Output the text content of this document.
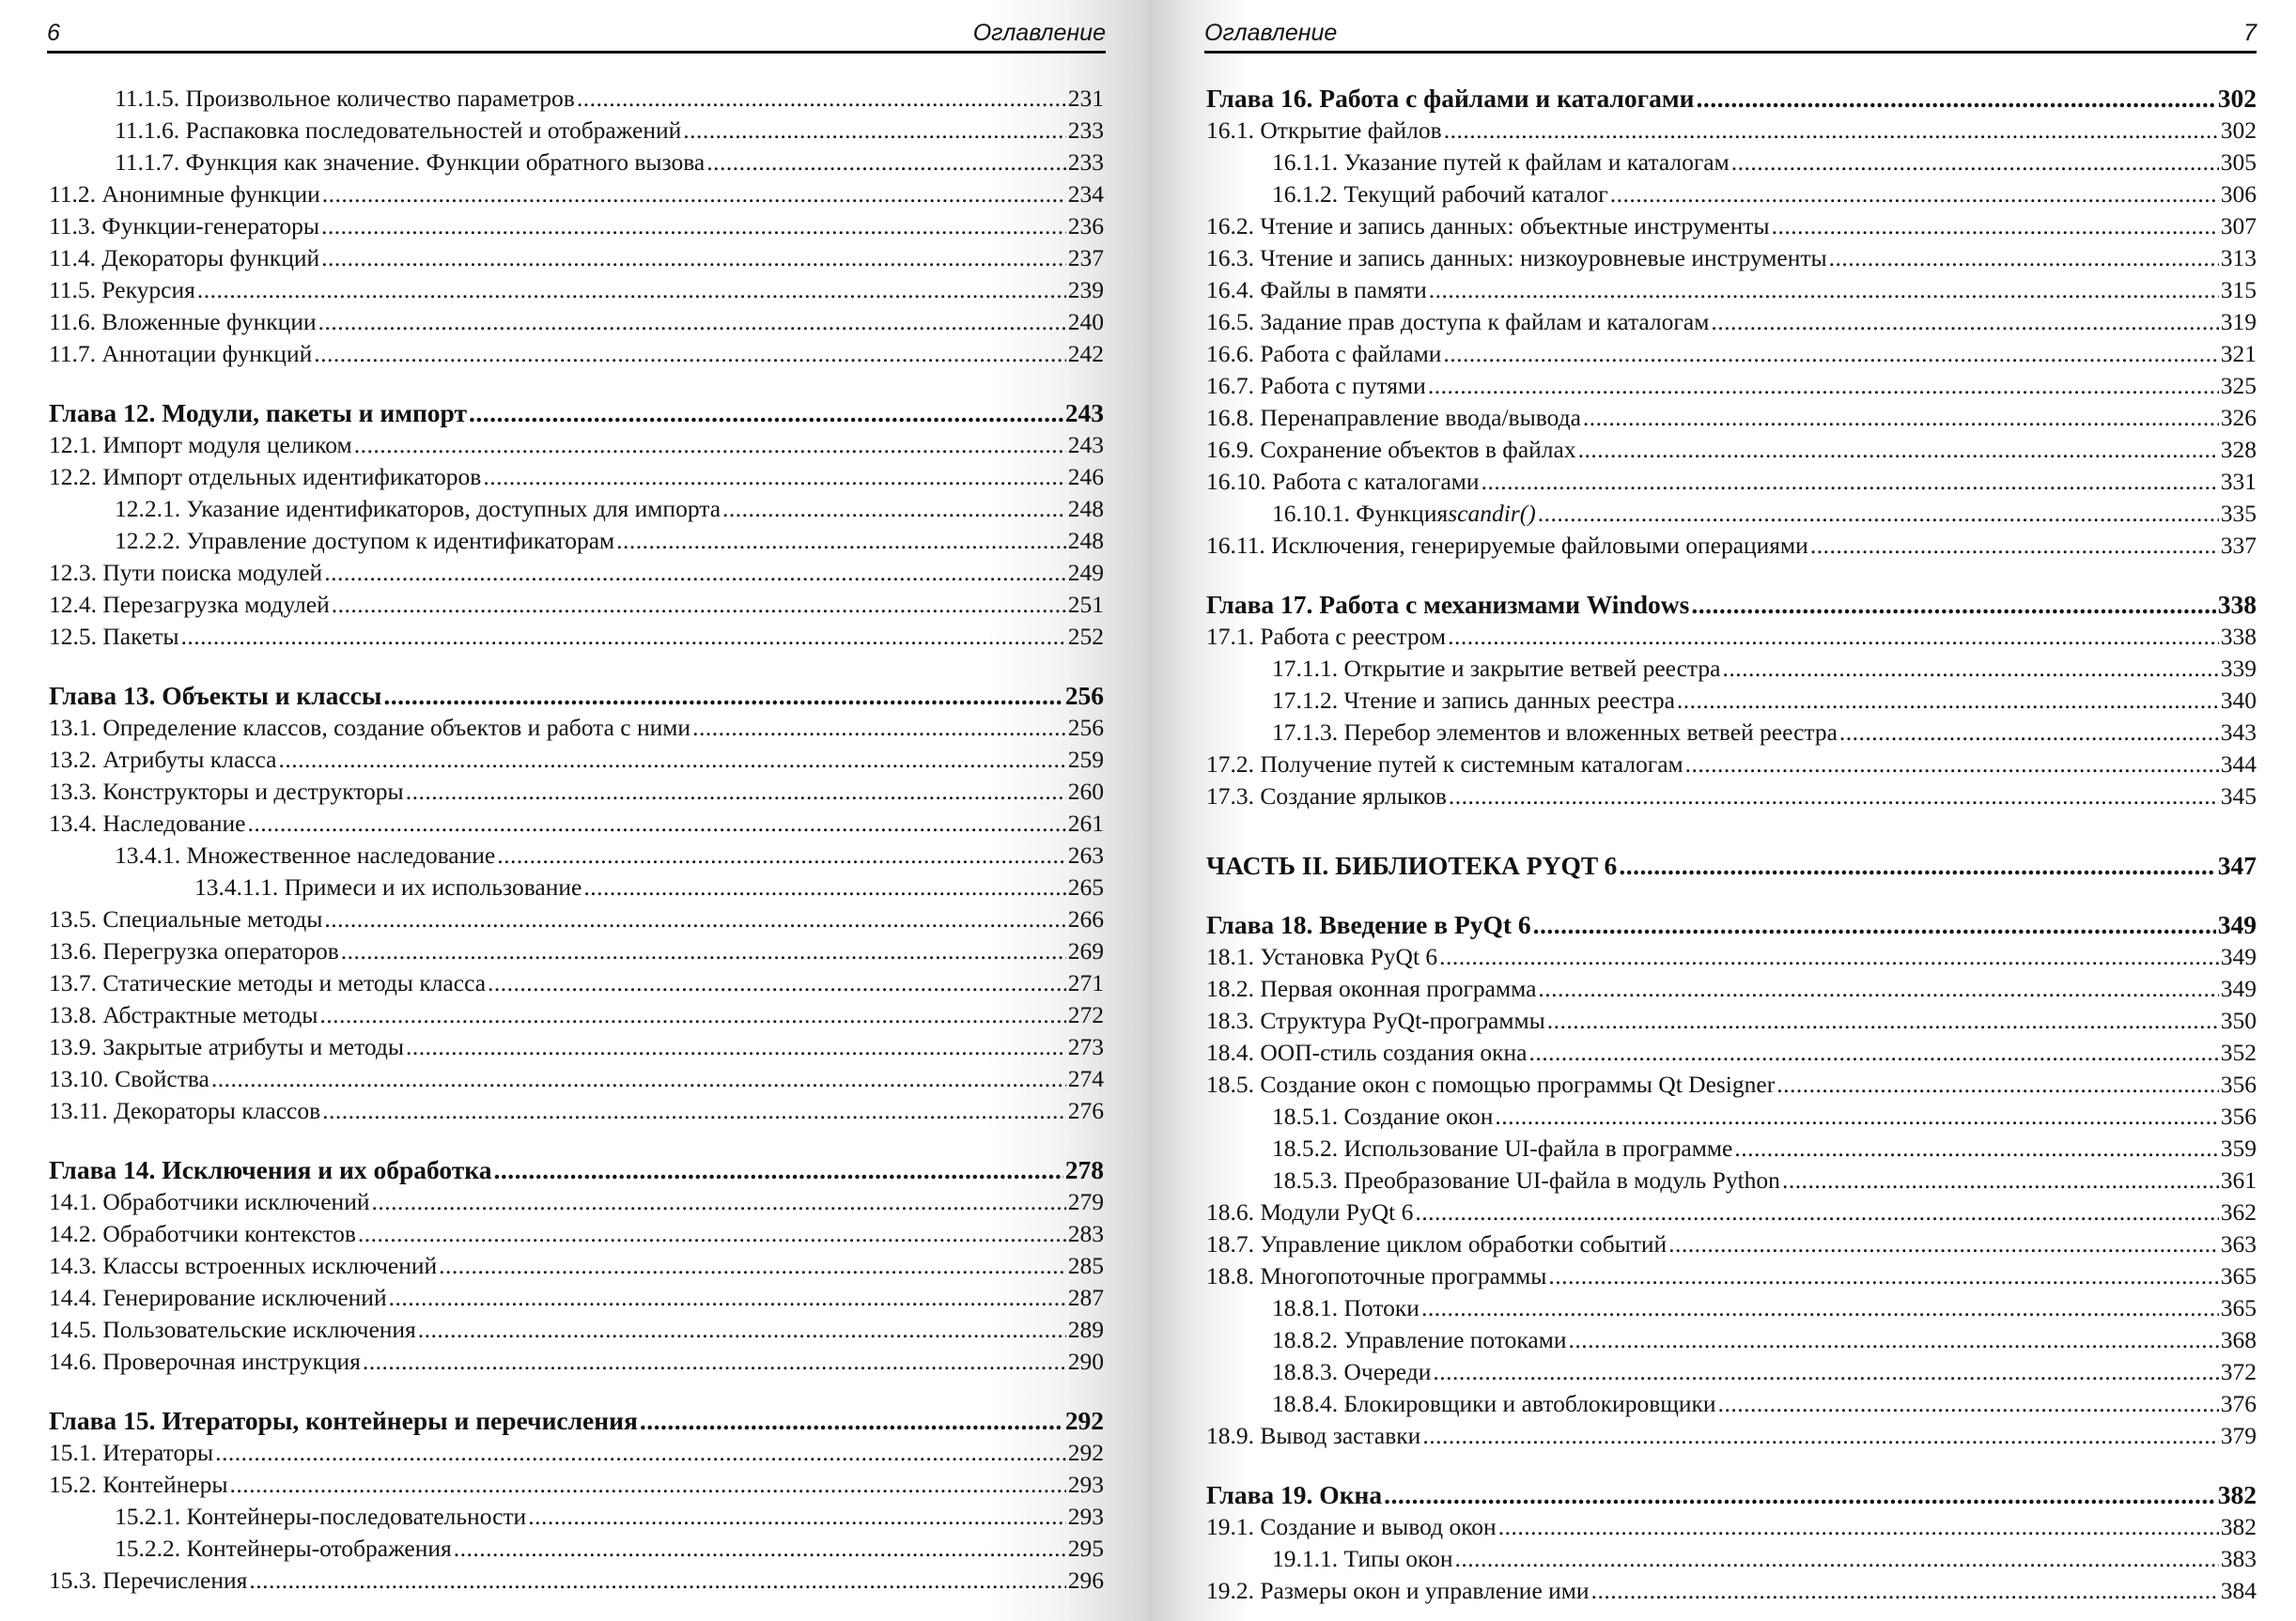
6	Оглавление
11.1.5. Произвольное количество параметров .....	231
11.1.6. Распаковка последовательностей и отображений .....	233
11.1.7. Функция как значение. Функции обратного вызова .....	233
11.2. Анонимные функции .....	234
11.3. Функции-генераторы .....	236
11.4. Декораторы функций .....	237
11.5. Рекурсия .....	239
11.6. Вложенные функции .....	240
11.7. Аннотации функций .....	242
Глава 12. Модули, пакеты и импорт .....	243
12.1. Импорт модуля целиком .....	243
12.2. Импорт отдельных идентификаторов .....	246
12.2.1. Указание идентификаторов, доступных для импорта .....	248
12.2.2. Управление доступом к идентификаторам .....	248
12.3. Пути поиска модулей .....	249
12.4. Перезагрузка модулей .....	251
12.5. Пакеты .....	252
Глава 13. Объекты и классы .....	256
13.1. Определение классов, создание объектов и работа с ними .....	256
13.2. Атрибуты класса .....	259
13.3. Конструкторы и деструкторы .....	260
13.4. Наследование .....	261
13.4.1. Множественное наследование .....	263
13.4.1.1. Примеси и их использование .....	265
13.5. Специальные методы .....	266
13.6. Перегрузка операторов .....	269
13.7. Статические методы и методы класса .....	271
13.8. Абстрактные методы .....	272
13.9. Закрытые атрибуты и методы .....	273
13.10. Свойства .....	274
13.11. Декораторы классов .....	276
Глава 14. Исключения и их обработка .....	278
14.1. Обработчики исключений .....	279
14.2. Обработчики контекстов .....	283
14.3. Классы встроенных исключений .....	285
14.4. Генерирование исключений .....	287
14.5. Пользовательские исключения .....	289
14.6. Проверочная инструкция .....	290
Глава 15. Итераторы, контейнеры и перечисления .....	292
15.1. Итераторы .....	292
15.2. Контейнеры .....	293
15.2.1. Контейнеры-последовательности .....	293
15.2.2. Контейнеры-отображения .....	295
15.3. Перечисления .....	296
Оглавление	7
Глава 16. Работа с файлами и каталогами .....	302
16.1. Открытие файлов .....	302
16.1.1. Указание путей к файлам и каталогам .....	305
16.1.2. Текущий рабочий каталог .....	306
16.2. Чтение и запись данных: объектные инструменты .....	307
16.3. Чтение и запись данных: низкоуровневые инструменты .....	313
16.4. Файлы в памяти .....	315
16.5. Задание прав доступа к файлам и каталогам .....	319
16.6. Работа с файлами .....	321
16.7. Работа с путями .....	325
16.8. Перенаправление ввода/вывода .....	326
16.9. Сохранение объектов в файлах .....	328
16.10. Работа с каталогами .....	331
16.10.1. Функция scandir() .....	335
16.11. Исключения, генерируемые файловыми операциями .....	337
Глава 17. Работа с механизмами Windows .....	338
17.1. Работа с реестром .....	338
17.1.1. Открытие и закрытие ветвей реестра .....	339
17.1.2. Чтение и запись данных реестра .....	340
17.1.3. Перебор элементов и вложенных ветвей реестра .....	343
17.2. Получение путей к системным каталогам .....	344
17.3. Создание ярлыков .....	345
ЧАСТЬ II. БИБЛИОТЕКА PYQT 6 .....	347
Глава 18. Введение в PyQt 6 .....	349
18.1. Установка PyQt 6 .....	349
18.2. Первая оконная программа .....	349
18.3. Структура PyQt-программы .....	350
18.4. ООП-стиль создания окна .....	352
18.5. Создание окон с помощью программы Qt Designer .....	356
18.5.1. Создание окон .....	356
18.5.2. Использование UI-файла в программе .....	359
18.5.3. Преобразование UI-файла в модуль Python .....	361
18.6. Модули PyQt 6 .....	362
18.7. Управление циклом обработки событий .....	363
18.8. Многопоточные программы .....	365
18.8.1. Потоки .....	365
18.8.2. Управление потоками .....	368
18.8.3. Очереди .....	372
18.8.4. Блокировщики и автоблокировщики .....	376
18.9. Вывод заставки .....	379
Глава 19. Окна .....	382
19.1. Создание и вывод окон .....	382
19.1.1. Типы окон .....	383
19.2. Размеры окон и управление ими .....	384
